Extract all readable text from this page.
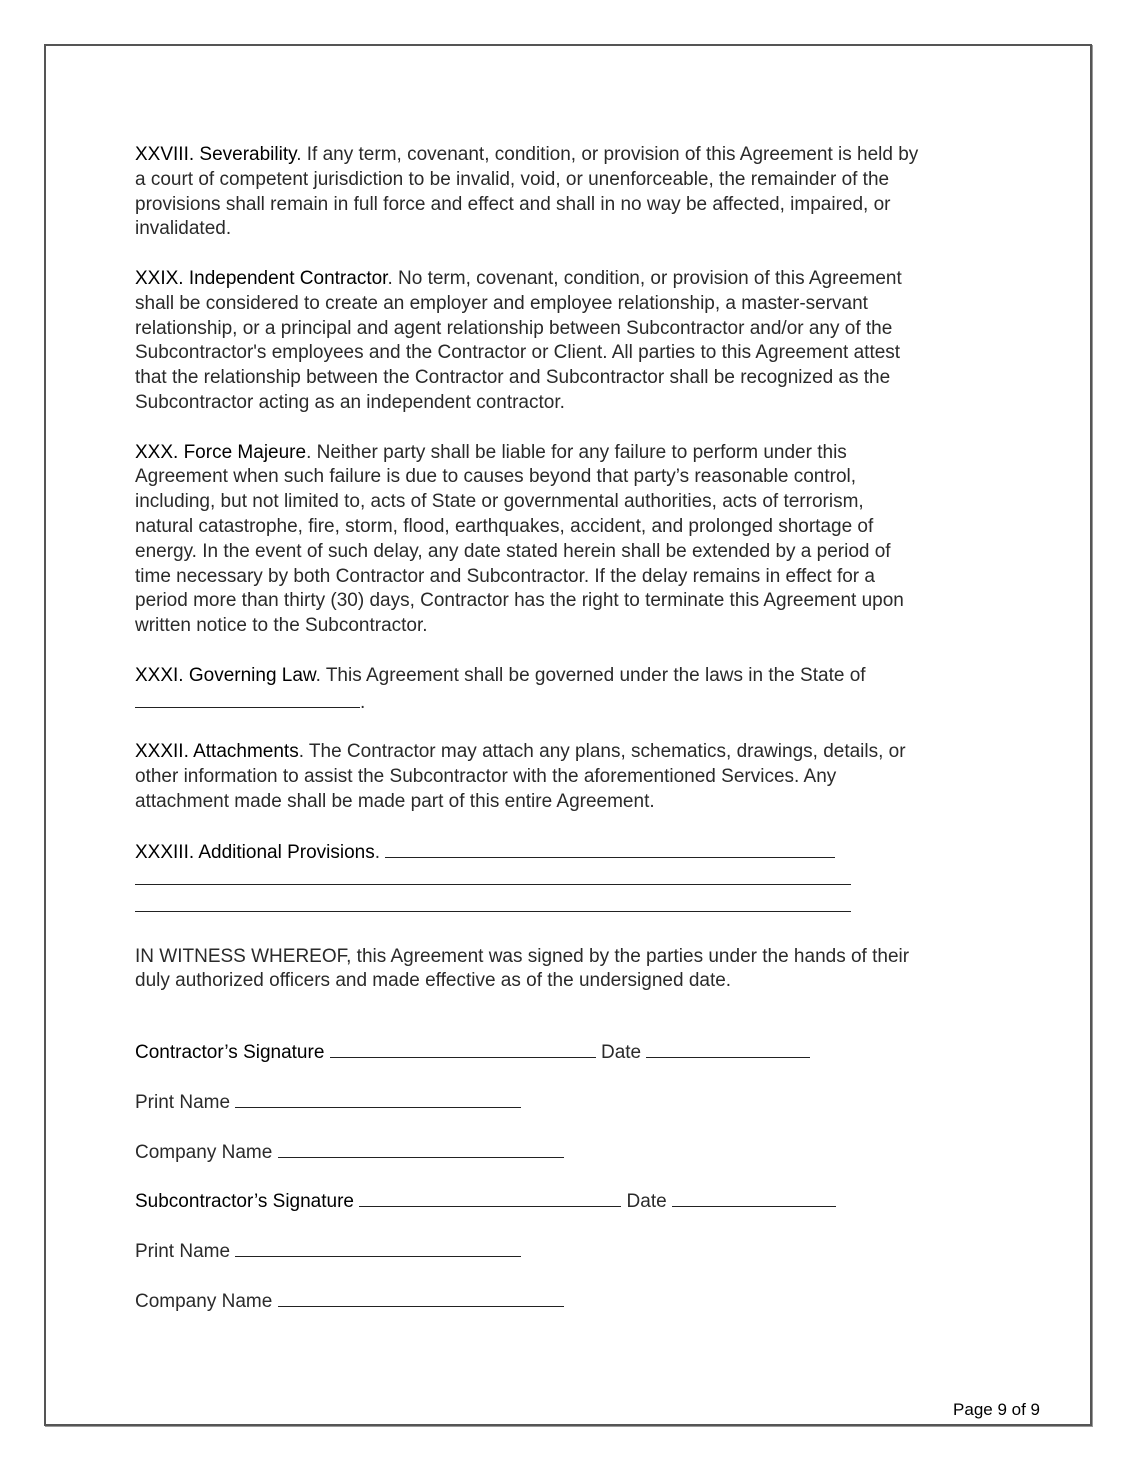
XXVIII. Severability. If any term, covenant, condition, or provision of this Agreement is held by
a court of competent jurisdiction to be invalid, void, or unenforceable, the remainder of the
provisions shall remain in full force and effect and shall in no way be affected, impaired, or
invalidated.

XXIX. Independent Contractor. No term, covenant, condition, or provision of this Agreement
shall be considered to create an employer and employee relationship, a master-servant
relationship, or a principal and agent relationship between Subcontractor and/or any of the
Subcontractor's employees and the Contractor or Client. All parties to this Agreement attest
that the relationship between the Contractor and Subcontractor shall be recognized as the
Subcontractor acting as an independent contractor.

XXX. Force Majeure. Neither party shall be liable for any failure to perform under this
Agreement when such failure is due to causes beyond that party’s reasonable control,
including, but not limited to, acts of State or governmental authorities, acts of terrorism,
natural catastrophe, fire, storm, flood, earthquakes, accident, and prolonged shortage of
energy. In the event of such delay, any date stated herein shall be extended by a period of
time necessary by both Contractor and Subcontractor. If the delay remains in effect for a
period more than thirty (30) days, Contractor has the right to terminate this Agreement upon
written notice to the Subcontractor.

XXXI. Governing Law. This Agreement shall be governed under the laws in the State of
.

XXXII. Attachments. The Contractor may attach any plans, schematics, drawings, details, or
other information to assist the Subcontractor with the aforementioned Services. Any
attachment made shall be made part of this entire Agreement.

XXXIII. Additional Provisions.

IN WITNESS WHEREOF, this Agreement was signed by the parties under the hands of their
duly authorized officers and made effective as of the undersigned date.

Contractor’s Signature	Date
Print Name
Company Name
Subcontractor’s Signature	Date
Print Name
Company Name
Page 9 of 9
